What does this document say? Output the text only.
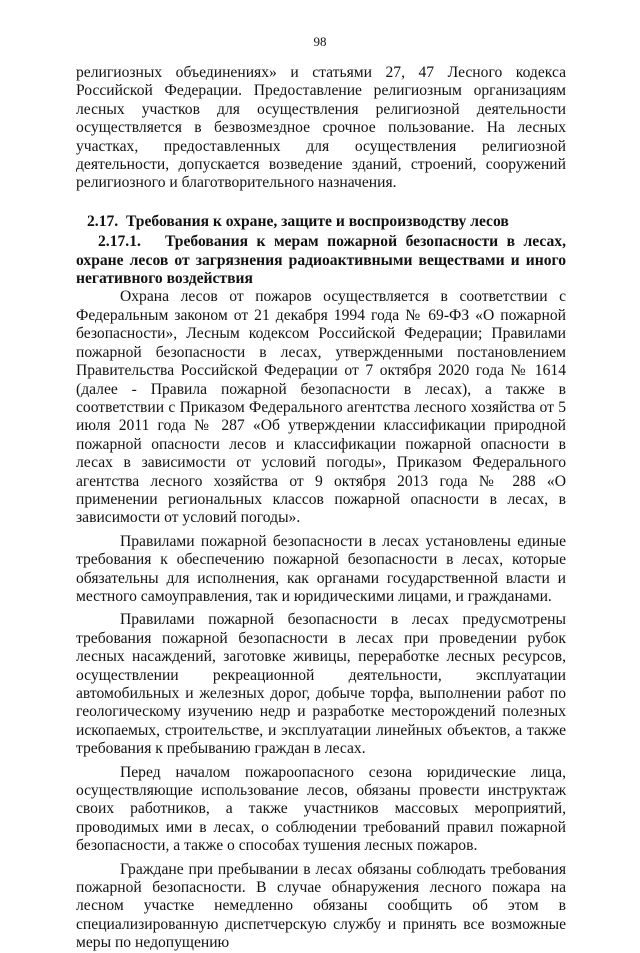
98

религиозных объединениях» и статьями 27, 47 Лесного кодекса Российской Федерации. Предоставление религиозным организациям лесных участков для осуществления религиозной деятельности осуществляется в безвозмездное срочное пользование. На лесных участках, предоставленных для осуществления религиозной деятельности, допускается возведение зданий, строений, сооружений религиозного и благотворительного назначения.

2.17. Требования к охране, защите и воспроизводству лесов

2.17.1. Требования к мерам пожарной безопасности в лесах, охране лесов от загрязнения радиоактивными веществами и иного негативного воздействия

Охрана лесов от пожаров осуществляется в соответствии с Федеральным законом от 21 декабря 1994 года № 69-ФЗ «О пожарной безопасности», Лесным кодексом Российской Федерации; Правилами пожарной безопасности в лесах, утвержденными постановлением Правительства Российской Федерации от 7 октября 2020 года № 1614 (далее - Правила пожарной безопасности в лесах), а также в соответствии с Приказом Федерального агентства лесного хозяйства от 5 июля 2011 года № 287 «Об утверждении классификации природной пожарной опасности лесов и классификации пожарной опасности в лесах в зависимости от условий погоды», Приказом Федерального агентства лесного хозяйства от 9 октября 2013 года № 288 «О применении региональных классов пожарной опасности в лесах, в зависимости от условий погоды».

Правилами пожарной безопасности в лесах установлены единые требования к обеспечению пожарной безопасности в лесах, которые обязательны для исполнения, как органами государственной власти и местного самоуправления, так и юридическими лицами, и гражданами.

Правилами пожарной безопасности в лесах предусмотрены требования пожарной безопасности в лесах при проведении рубок лесных насаждений, заготовке живицы, переработке лесных ресурсов, осуществлении рекреационной деятельности, эксплуатации автомобильных и железных дорог, добыче торфа, выполнении работ по геологическому изучению недр и разработке месторождений полезных ископаемых, строительстве, и эксплуатации линейных объектов, а также требования к пребыванию граждан в лесах.

Перед началом пожароопасного сезона юридические лица, осуществляющие использование лесов, обязаны провести инструктаж своих работников, а также участников массовых мероприятий, проводимых ими в лесах, о соблюдении требований правил пожарной безопасности, а также о способах тушения лесных пожаров.

Граждане при пребывании в лесах обязаны соблюдать требования пожарной безопасности. В случае обнаружения лесного пожара на лесном участке немедленно обязаны сообщить об этом в специализированную диспетчерскую службу и принять все возможные меры по недопущению
